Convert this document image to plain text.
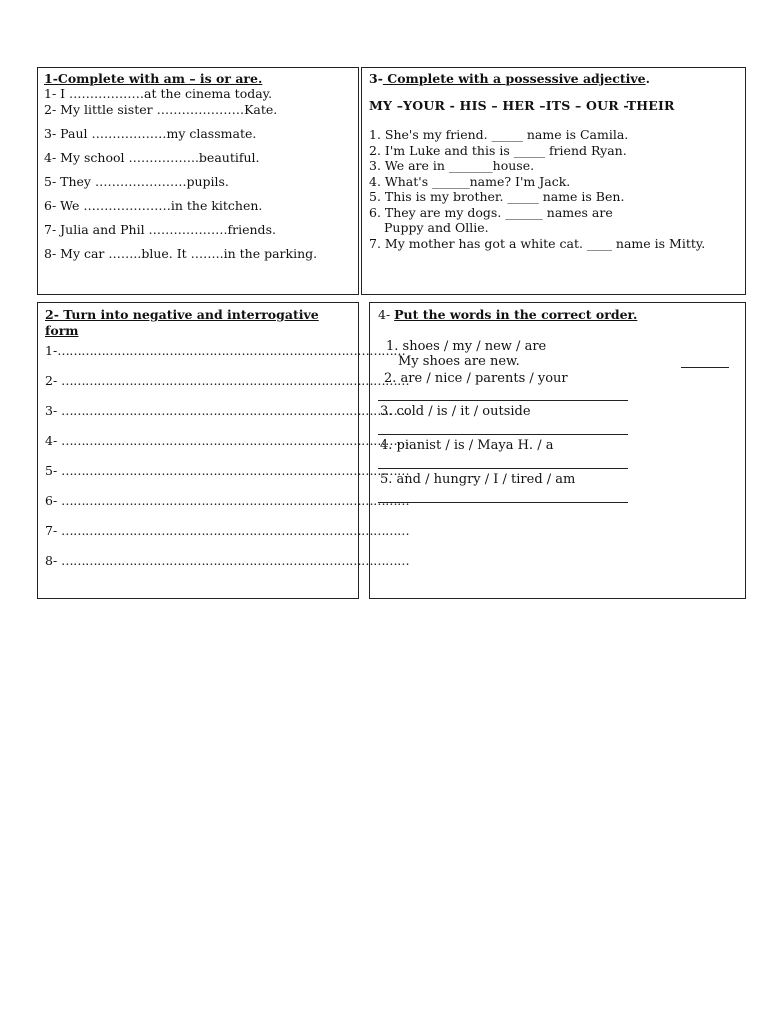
1-Complete with am – is or are.
1- I ………………at the cinema today.
2- My little sister …………………Kate.
3- Paul ………………my classmate.
4- My school ……………..beautiful.
5- They ………………….pupils.
6- We …………………in the kitchen.
7- Julia and Phil ……………….friends.
8- My car ……..blue. It ……..in the parking.
3- Complete with a possessive adjective.
MY –YOUR - HIS – HER –ITS – OUR -THEIR
1. She's my friend. _____ name is Camila.
2. I'm Luke and this is _____ friend Ryan.
3. We are in _______house.
4. What's ______name? I'm Jack.
5. This is my brother. _____ name is Ben.
6. They are my dogs. ______ names are
Puppy and Ollie.
7. My mother has got a white cat. ____ name is Mitty.
2- Turn into negative and interrogative form
1-……………………………………………………………………………
2- ……………………………………………………………………………
3- ……………………………………………………………………………
4- ……………………………………………………………………………
5- ……………………………………………………………………………
6- ……………………………………………………………………………
7- ……………………………………………………………………………
8- ……………………………………………………………………………
4- Put the words in the correct order.
1. shoes / my / new / are
My shoes are new.
2. are / nice / parents / your
3. cold / is / it / outside
4. pianist / is / Maya H. / a
5. and / hungry / I / tired / am
